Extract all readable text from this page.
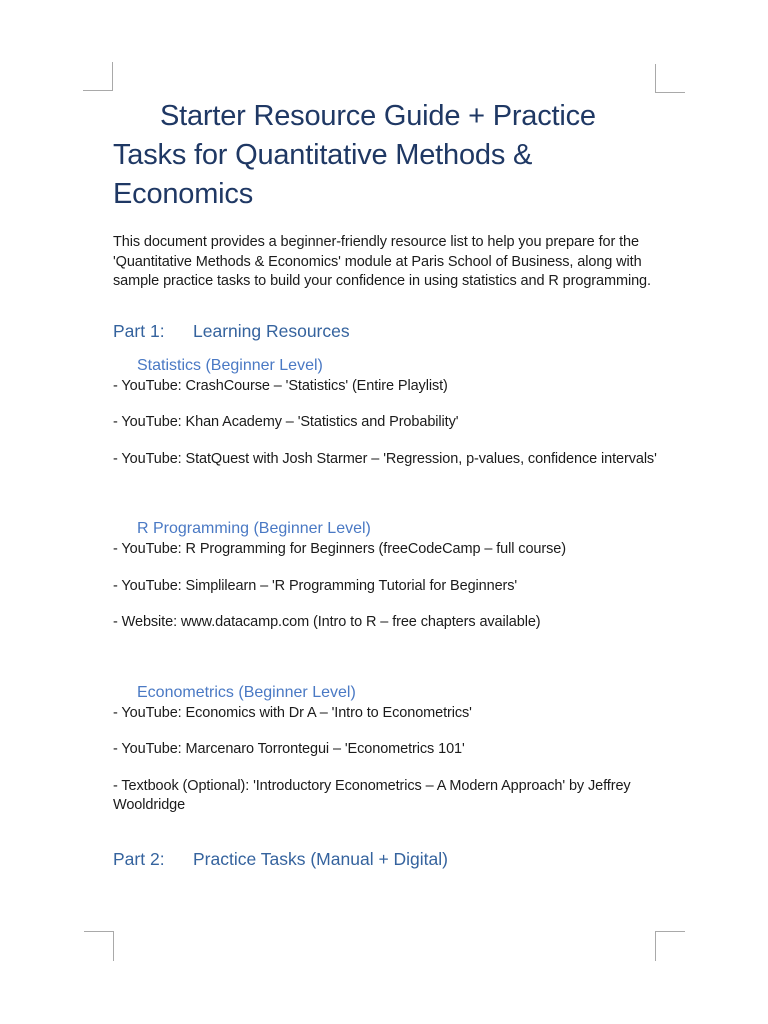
Starter Resource Guide + Practice Tasks for Quantitative Methods & Economics

This document provides a beginner-friendly resource list to help you prepare for the 'Quantitative Methods & Economics' module at Paris School of Business, along with sample practice tasks to build your confidence in using statistics and R programming.

Part 1:	Learning Resources
Statistics (Beginner Level)

- YouTube: CrashCourse – 'Statistics' (Entire Playlist)

- YouTube: Khan Academy – 'Statistics and Probability'

- YouTube: StatQuest with Josh Starmer – 'Regression, p-values, confidence intervals'

R Programming (Beginner Level)

- YouTube: R Programming for Beginners (freeCodeCamp – full course)

- YouTube: Simplilearn – 'R Programming Tutorial for Beginners'

- Website: www.datacamp.com (Intro to R – free chapters available)

Econometrics (Beginner Level)

- YouTube: Economics with Dr A – 'Intro to Econometrics'

- YouTube: Marcenaro Torrontegui – 'Econometrics 101'

- Textbook (Optional): 'Introductory Econometrics – A Modern Approach' by Jeffrey Wooldridge

Part 2:	Practice Tasks (Manual + Digital)
